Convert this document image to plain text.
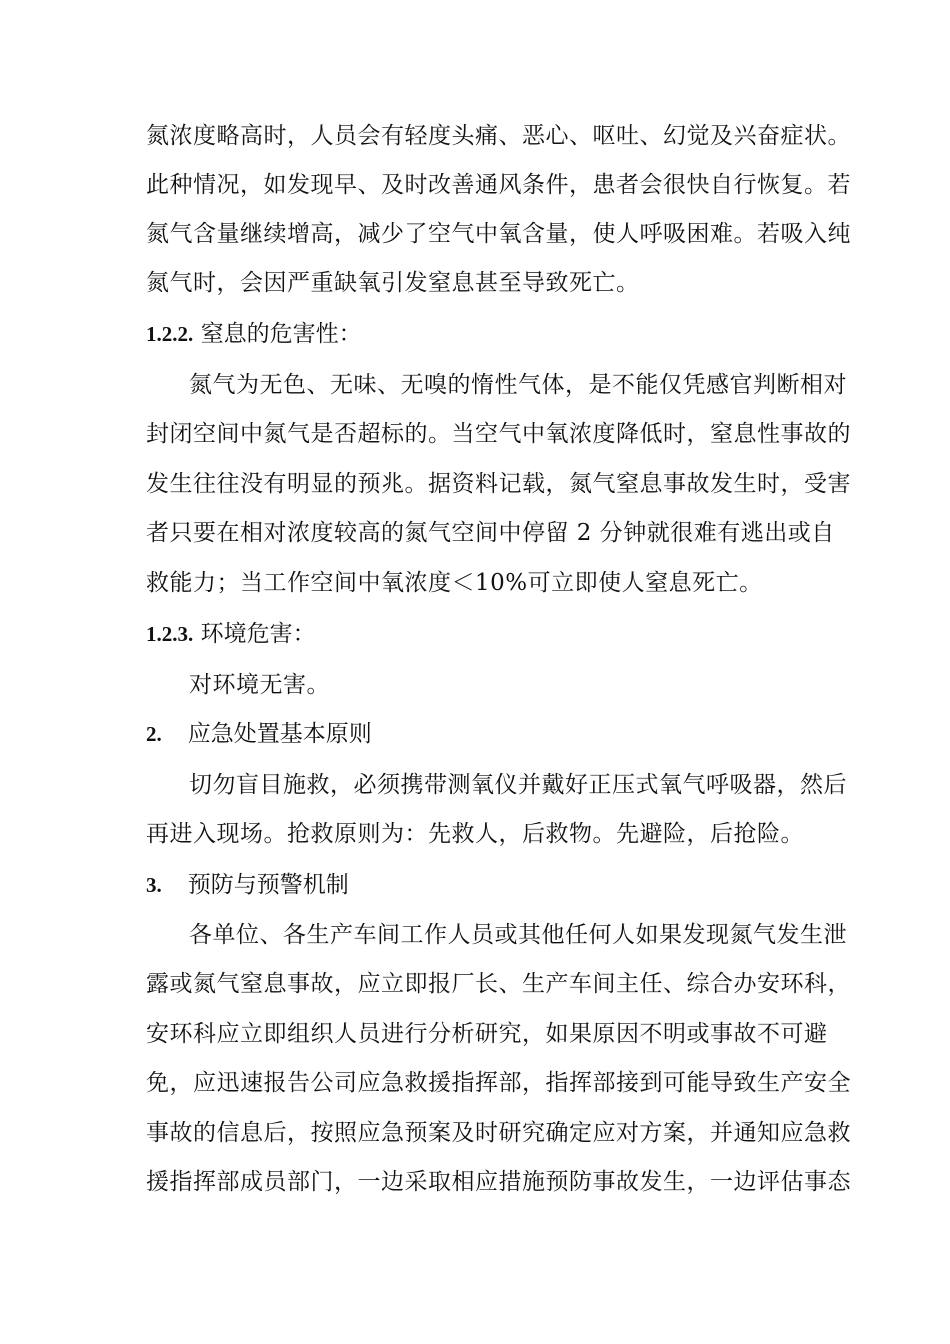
氮浓度略高时，人员会有轻度头痛、恶心、呕吐、幻觉及兴奋症状。
此种情况，如发现早、及时改善通风条件，患者会很快自行恢复。若
氮气含量继续增高，减少了空气中氧含量，使人呼吸困难。若吸入纯
氮气时，会因严重缺氧引发窒息甚至导致死亡。
1.2.2. 窒息的危害性：
氮气为无色、无味、无嗅的惰性气体，是不能仅凭感官判断相对
封闭空间中氮气是否超标的。当空气中氧浓度降低时，窒息性事故的
发生往往没有明显的预兆。据资料记载，氮气窒息事故发生时，受害
者只要在相对浓度较高的氮气空间中停留 2 分钟就很难有逃出或自
救能力；当工作空间中氧浓度＜10%可立即使人窒息死亡。
1.2.3. 环境危害：
对环境无害。
2. 应急处置基本原则
切勿盲目施救，必须携带测氧仪并戴好正压式氧气呼吸器，然后
再进入现场。抢救原则为：先救人，后救物。先避险，后抢险。
3. 预防与预警机制
各单位、各生产车间工作人员或其他任何人如果发现氮气发生泄
露或氮气窒息事故，应立即报厂长、生产车间主任、综合办安环科，
安环科应立即组织人员进行分析研究，如果原因不明或事故不可避
免，应迅速报告公司应急救援指挥部，指挥部接到可能导致生产安全
事故的信息后，按照应急预案及时研究确定应对方案，并通知应急救
援指挥部成员部门，一边采取相应措施预防事故发生，一边评估事态
